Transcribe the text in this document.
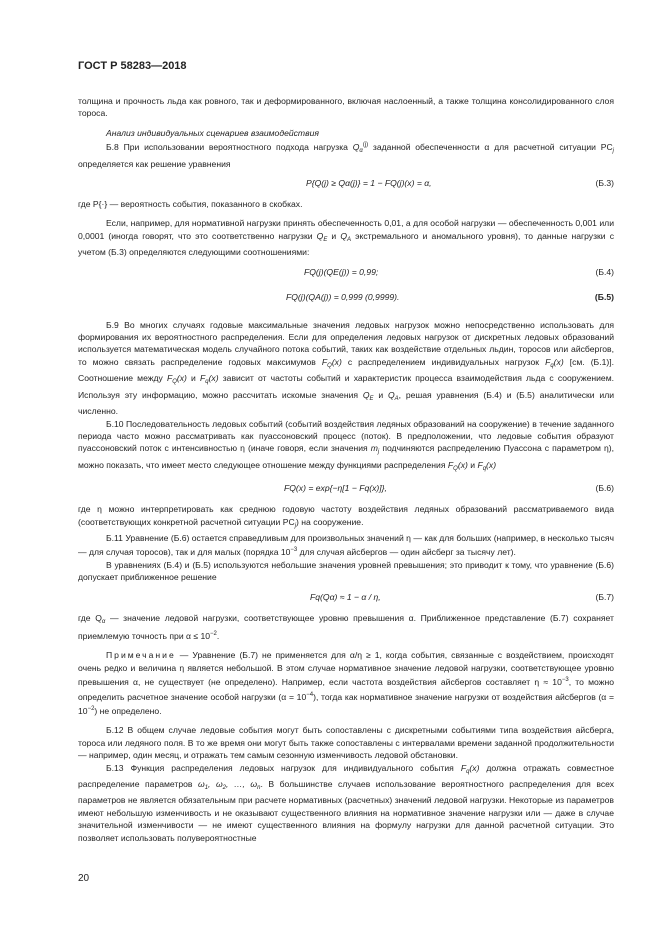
ГОСТ Р 58283—2018

толщина и прочность льда как ровного, так и деформированного, включая наслоенный, а также толщина консолидированного слоя тороса.

Анализ индивидуальных сценариев взаимодействия

Б.8 При использовании вероятностного подхода нагрузка $Q_\alpha^{(j)}$ заданной обеспеченности α для расчетной ситуации $PC_j$ определяется как решение уравнения

P{Q(j) ≥ Qα(j)} = 1 − FQ(j)(x) = α,	(Б.3)

где P{·} — вероятность события, показанного в скобках.

Если, например, для нормативной нагрузки принять обеспеченность 0,01, а для особой нагрузки — обеспеченность 0,001 или 0,0001 (иногда говорят, что это соответственно нагрузки $Q_E$ и $Q_A$ экстремального и аномального уровня), то данные нагрузки с учетом (Б.3) определяются следующими соотношениями:

FQ(j)(QE(j)) = 0,99;	(Б.4)
FQ(j)(QA(j)) = 0,999 (0,9999).	(Б.5)

Б.9 Во многих случаях годовые максимальные значения ледовых нагрузок можно непосредственно использовать для формирования их вероятностного распределения. Если для определения ледовых нагрузок от дискретных ледовых образований используется математическая модель случайного потока событий, таких как воздействие отдельных льдин, торосов или айсбергов, то можно связать распределение годовых максимумов $F_Q(x)$ с распределением индивидуальных нагрузок $F_q(x)$ [см. (Б.1)]. Соотношение между $F_Q(x)$ и $F_q(x)$ зависит от частоты событий и характеристик процесса взаимодействия льда с сооружением. Используя эту информацию, можно рассчитать искомые значения $Q_E$ и $Q_A$, решая уравнения (Б.4) и (Б.5) аналитически или численно.

Б.10 Последовательность ледовых событий (событий воздействия ледяных образований на сооружение) в течение заданного периода часто можно рассматривать как пуассоновский процесс (поток). В предположении, что ледовые события образуют пуассоновский поток с интенсивностью η (иначе говоря, если значения $m_j$ подчиняются распределению Пуассона с параметром η), можно показать, что имеет место следующее отношение между функциями распределения $F_Q(x)$ и $F_q(x)$

FQ(x) = exp{−η[1 − Fq(x)]},	(Б.6)

где η можно интерпретировать как среднюю годовую частоту воздействия ледяных образований рассматриваемого вида (соответствующих конкретной расчетной ситуации $PC_j$) на сооружение.

Б.11 Уравнение (Б.6) остается справедливым для произвольных значений η — как для больших (например, в несколько тысяч — для случая торосов), так и для малых (порядка $10^{-3}$ для случая айсбергов — один айсберг за тысячу лет).

В уравнениях (Б.4) и (Б.5) используются небольшие значения уровней превышения; это приводит к тому, что уравнение (Б.6) допускает приближенное решение

Fq(Qα) ≈ 1 − α / η,	(Б.7)

где $Q_\alpha$ — значение ледовой нагрузки, соответствующее уровню превышения α. Приближенное представление (Б.7) сохраняет приемлемую точность при $\alpha \le 10^{-2}$.

Примечание — Уравнение (Б.7) не применяется для α/η ≥ 1, когда события, связанные с воздействием, происходят очень редко и величина η является небольшой. В этом случае нормативное значение ледовой нагрузки, соответствующее уровню превышения α, не существует (не определено). Например, если частота воздействия айсбергов составляет $\eta \approx 10^{-3}$, то можно определить расчетное значение особой нагрузки $(\alpha = 10^{-4})$, тогда как нормативное значение нагрузки от воздействия айсбергов $(\alpha = 10^{-2})$ не определено.

Б.12 В общем случае ледовые события могут быть сопоставлены с дискретными событиями типа воздействия айсберга, тороса или ледяного поля. В то же время они могут быть также сопоставлены с интервалами времени заданной продолжительности — например, один месяц, и отражать тем самым сезонную изменчивость ледовой обстановки.

Б.13 Функция распределения ледовых нагрузок для индивидуального события $F_q(x)$ должна отражать совместное распределение параметров $\omega_1$, $\omega_2$, …, $\omega_n$. В большинстве случаев использование вероятностного распределения для всех параметров не является обязательным при расчете нормативных (расчетных) значений ледовой нагрузки. Некоторые из параметров имеют небольшую изменчивость и не оказывают существенного влияния на нормативное значение нагрузки или — даже в случае значительной изменчивости — не имеют существенного влияния на формулу нагрузки для данной расчетной ситуации. Это позволяет использовать полувероятностные

20
